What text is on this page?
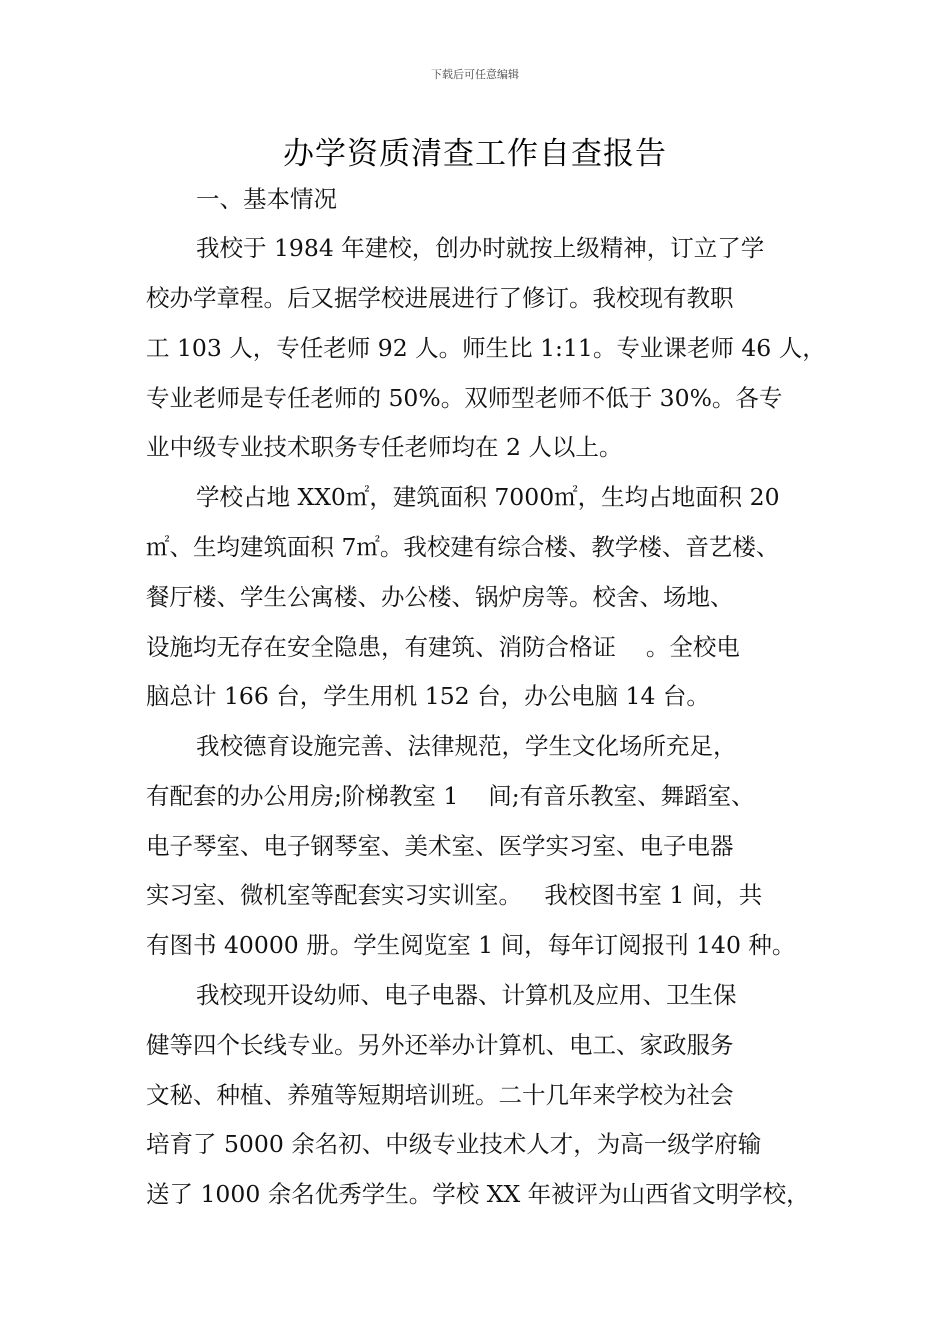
下载后可任意编辑
办学资质清查工作自查报告
一、基本情况
我校于 1984 年建校，创办时就按上级精神，订立了学
校办学章程。后又据学校进展进行了修订。我校现有教职
工 103 人，专任老师 92 人。师生比 1:11。专业课老师 46 人，
专业老师是专任老师的 50%。双师型老师不低于 30%。各专
业中级专业技术职务专任老师均在 2 人以上。
学校占地 XX0㎡，建筑面积 7000㎡，生均占地面积 20
㎡、生均建筑面积 7㎡。我校建有综合楼、教学楼、音艺楼、
餐厅楼、学生公寓楼、办公楼、锅炉房等。校舍、场地、
设施均无存在安全隐患，有建筑、消防合格证    。全校电
脑总计 166 台，学生用机 152 台，办公电脑 14 台。
我校德育设施完善、法律规范，学生文化场所充足，
有配套的办公用房;阶梯教室 1    间;有音乐教室、舞蹈室、
电子琴室、电子钢琴室、美术室、医学实习室、电子电器
实习室、微机室等配套实习实训室。   我校图书室 1 间，共
有图书 40000 册。学生阅览室 1 间，每年订阅报刊 140 种。
我校现开设幼师、电子电器、计算机及应用、卫生保
健等四个长线专业。另外还举办计算机、电工、家政服务
文秘、种植、养殖等短期培训班。二十几年来学校为社会
培育了 5000 余名初、中级专业技术人才，为高一级学府输
送了 1000 余名优秀学生。学校 XX 年被评为山西省文明学校，
